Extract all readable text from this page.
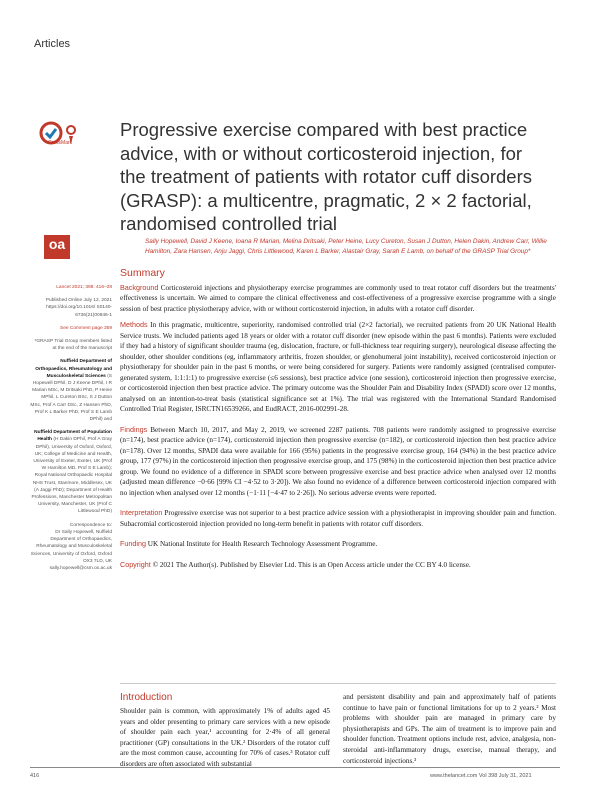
Articles
CrossMark
Progressive exercise compared with best practice advice, with or without corticosteroid injection, for the treatment of patients with rotator cuff disorders (GRASP): a multicentre, pragmatic, 2 × 2 factorial, randomised controlled trial
oa	Sally Hopewell, David J Keene, Ioana R Marian, Melina Dritsaki, Peter Heine, Lucy Cureton, Susan J Dutton, Helen Dakin, Andrew Carr, Willie Hamilton, Zara Hansen, Anju Jaggi, Chris Littlewood, Karen L Barker, Alastair Gray, Sarah E Lamb, on behalf of the GRASP Trial Group*

Lancet 2021; 398: 416–28

Published Online July 12, 2021 https://doi.org/10.1016/ S0140-6736(21)00846-1

See Comment page 359

*GRASP Trial Group members listed at the end of the manuscript

Nuffield Department of Orthopaedics, Rheumatology and Musculoskeletal Sciences (S Hopewell DPhil, D J Keene DPhil, I R Marian MSc, M Dritsaki PhD, P Heine MPhil, L Cureton BSc, S J Dutton MSc, Prof A Carr DSc, Z Hansen PhD, Prof K L Barker PhD, Prof S E Lamb DPhil) and

Nuffield Department of Population Health (H Dakin DPhil, Prof A Gray DPhil), University of Oxford, Oxford, UK; College of Medicine and Health, University of Exeter, Exeter, UK (Prof W Hamilton MD, Prof S E Lamb); Royal National Orthopaedic Hospital NHS Trust, Stanmore, Middlesex, UK (A Jaggi PhD); Department of Health Professions, Manchester Metropolitan University, Manchester, UK (Prof C Littlewood PhD)

Correspondence to:
Dr Sally Hopewell, Nuffield Department of Orthopaedics, Rheumatology and Musculoskeletal Sciences, University of Oxford, Oxford OX3 7LD, UK sally.hopewell@csm.ox.ac.uk

Summary

Background Corticosteroid injections and physiotherapy exercise programmes are commonly used to treat rotator cuff disorders but the treatments' effectiveness is uncertain. We aimed to compare the clinical effectiveness and cost-effectiveness of a progressive exercise programme with a single session of best practice physiotherapy advice, with or without corticosteroid injection, in adults with a rotator cuff disorder.

Methods In this pragmatic, multicentre, superiority, randomised controlled trial (2×2 factorial), we recruited patients from 20 UK National Health Service trusts. We included patients aged 18 years or older with a rotator cuff disorder (new episode within the past 6 months). Patients were excluded if they had a history of significant shoulder trauma (eg, dislocation, fracture, or full-thickness tear requiring surgery), neurological disease affecting the shoulder, other shoulder conditions (eg, inflammatory arthritis, frozen shoulder, or glenohumeral joint instability), received corticosteroid injection or physiotherapy for shoulder pain in the past 6 months, or were being considered for surgery. Patients were randomly assigned (centralised computer-generated system, 1:1:1:1) to progressive exercise (≤6 sessions), best practice advice (one session), corticosteroid injection then progressive exercise, or corticosteroid injection then best practice advice. The primary outcome was the Shoulder Pain and Disability Index (SPADI) score over 12 months, analysed on an intention-to-treat basis (statistical significance set at 1%). The trial was registered with the International Standard Randomised Controlled Trial Register, ISRCTN16539266, and EudRACT, 2016-002991-28.

Findings Between March 10, 2017, and May 2, 2019, we screened 2287 patients. 708 patients were randomly assigned to progressive exercise (n=174), best practice advice (n=174), corticosteroid injection then progressive exercise (n=182), or corticosteroid injection then best practice advice (n=178). Over 12 months, SPADI data were available for 166 (95%) patients in the progressive exercise group, 164 (94%) in the best practice advice group, 177 (97%) in the corticosteroid injection then progressive exercise group, and 175 (98%) in the corticosteroid injection then best practice advice group. We found no evidence of a difference in SPADI score between progressive exercise and best practice advice when analysed over 12 months (adjusted mean difference −0·66 [99% CI −4·52 to 3·20]). We also found no evidence of a difference between corticosteroid injection compared with no injection when analysed over 12 months (−1·11 [−4·47 to 2·26]). No serious adverse events were reported.

Interpretation Progressive exercise was not superior to a best practice advice session with a physiotherapist in improving shoulder pain and function. Subacromial corticosteroid injection provided no long-term benefit in patients with rotator cuff disorders.

Funding UK National Institute for Health Research Technology Assessment Programme.

Copyright © 2021 The Author(s). Published by Elsevier Ltd. This is an Open Access article under the CC BY 4.0 license.

Introduction
Shoulder pain is common, with approximately 1% of adults aged 45 years and older presenting to primary care services with a new episode of shoulder pain each year,¹ accounting for 2·4% of all general practitioner (GP) consultations in the UK.² Disorders of the rotator cuff are the most common cause, accounting for 70% of cases.³ Rotator cuff disorders are often associated with substantial
and persistent disability and pain and approximately half of patients continue to have pain or functional limitations for up to 2 years.² Most problems with shoulder pain are managed in primary care by physiotherapists and GPs. The aim of treatment is to improve pain and shoulder function. Treatment options include rest, advice, analgesia, non-steroidal anti-inflammatory drugs, exercise, manual therapy, and corticosteroid injections.³
416	www.thelancet.com Vol 398 July 31, 2021
